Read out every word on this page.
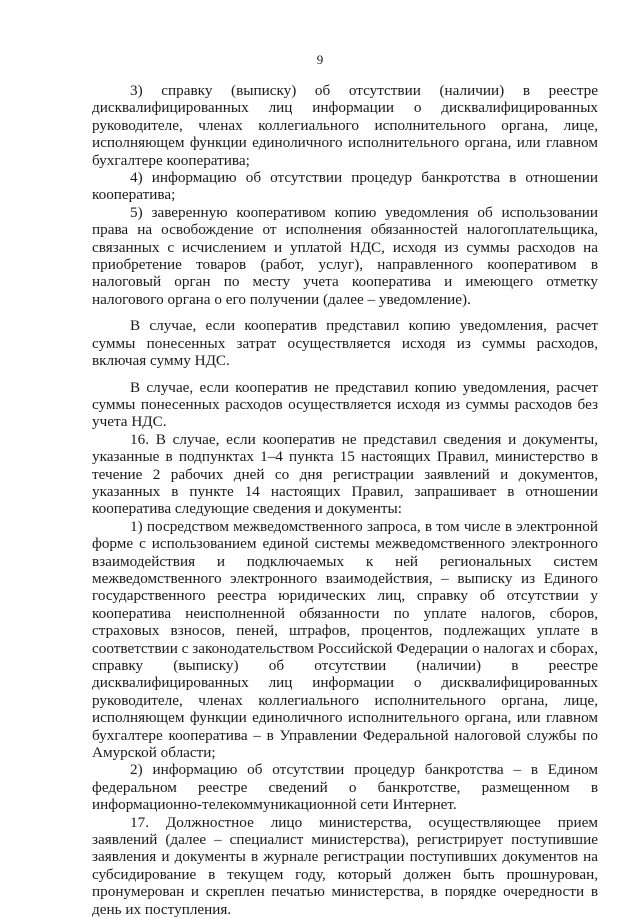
9

3) справку (выписку) об отсутствии (наличии) в реестре дисквалифицированных лиц информации о дисквалифицированных руководителе, членах коллегиального исполнительного органа, лице, исполняющем функции единоличного исполнительного органа, или главном бухгалтере кооператива;

4) информацию об отсутствии процедур банкротства в отношении кооператива;

5) заверенную кооперативом копию уведомления об использовании права на освобождение от исполнения обязанностей налогоплательщика, связанных с исчислением и уплатой НДС, исходя из суммы расходов на приобретение товаров (работ, услуг), направленного кооперативом в налоговый орган по месту учета кооператива и имеющего отметку налогового органа о его получении (далее – уведомление).

В случае, если кооператив представил копию уведомления, расчет суммы понесенных затрат осуществляется исходя из суммы расходов, включая сумму НДС.

В случае, если кооператив не представил копию уведомления, расчет суммы понесенных расходов осуществляется исходя из суммы расходов без учета НДС.

16. В случае, если кооператив не представил сведения и документы, указанные в подпунктах 1–4 пункта 15 настоящих Правил, министерство в течение 2 рабочих дней со дня регистрации заявлений и документов, указанных в пункте 14 настоящих Правил, запрашивает в отношении кооператива следующие сведения и документы:

1) посредством межведомственного запроса, в том числе в электронной форме с использованием единой системы межведомственного электронного взаимодействия и подключаемых к ней региональных систем межведомственного электронного взаимодействия, – выписку из Единого государственного реестра юридических лиц, справку об отсутствии у кооператива неисполненной обязанности по уплате налогов, сборов, страховых взносов, пеней, штрафов, процентов, подлежащих уплате в соответствии с законодательством Российской Федерации о налогах и сборах, справку (выписку) об отсутствии (наличии) в реестре дисквалифицированных лиц информации о дисквалифицированных руководителе, членах коллегиального исполнительного органа, лице, исполняющем функции единоличного исполнительного органа, или главном бухгалтере кооператива – в Управлении Федеральной налоговой службы по Амурской области;

2) информацию об отсутствии процедур банкротства – в Едином федеральном реестре сведений о банкротстве, размещенном в информационно-телекоммуникационной сети Интернет.

17. Должностное лицо министерства, осуществляющее прием заявлений (далее – специалист министерства), регистрирует поступившие заявления и документы в журнале регистрации поступивших документов на субсидирование в текущем году, который должен быть прошнурован, пронумерован и скреплен печатью министерства, в порядке очередности в день их поступления.
